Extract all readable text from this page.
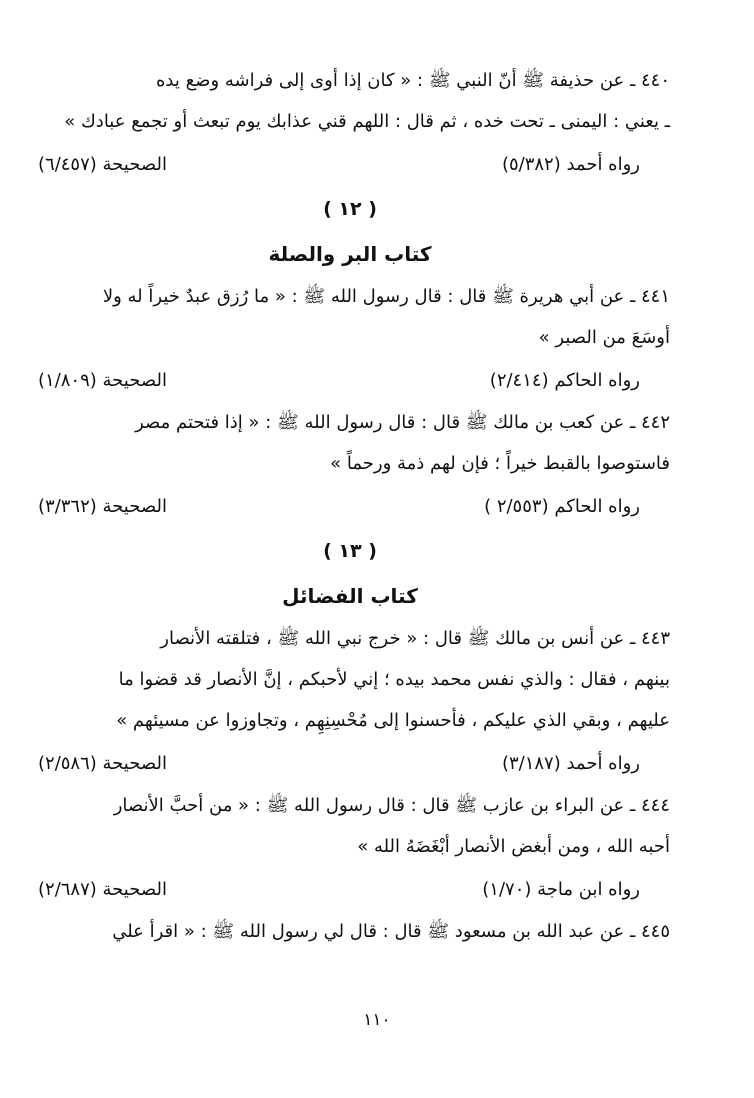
٤٤٠ ـ عن حذيفة ﷺ أنّ النبي ﷺ : « كان إذا أوى إلى فراشه وضع يده

ـ يعني : اليمنى ـ تحت خده ، ثم قال : اللهم قني عذابك يوم تبعث أو تجمع عبادك »

رواه أحمد (٥/٣٨٢)
الصحيحة (٦/٤٥٧)
( ١٢ )
كتاب البر والصلة

٤٤١ ـ عن أبي هريرة ﷺ قال : قال رسول الله ﷺ : « ما رُزق عبدٌ خيراً له ولا

أوسَعَ من الصبر »

رواه الحاكم (٢/٤١٤)
الصحيحة (١/٨٠٩)

٤٤٢ ـ عن كعب بن مالك ﷺ قال : قال رسول الله ﷺ : « إذا فتحتم مصر

فاستوصوا بالقبط خيراً ؛ فإن لهم ذمة ورحماً »

رواه الحاكم (٢/٥٥٣ )
الصحيحة (٣/٣٦٢)
( ١٣ )
كتاب الفضائل

٤٤٣ ـ عن أنس بن مالك ﷺ قال : « خرج نبي الله ﷺ ، فتلقته الأنصار

بينهم ، فقال : والذي نفس محمد بيده ؛ إني لأحبكم ، إنَّ الأنصار قد قضوا ما

عليهم ، وبقي الذي عليكم ، فأحسنوا إلى مُحْسِنِهِم ، وتجاوزوا عن مسيئهم »

رواه أحمد (٣/١٨٧)
الصحيحة (٢/٥٨٦)

٤٤٤ ـ عن البراء بن عازب ﷺ قال : قال رسول الله ﷺ : « من أحبَّ الأنصار

أحبه الله ، ومن أبغض الأنصار أبْغَضَهُ الله »

رواه ابن ماجة (١/٧٠)
الصحيحة (٢/٦٨٧)

٤٤٥ ـ عن عبد الله بن مسعود ﷺ قال : قال لي رسول الله ﷺ : « اقرأ علي

١١٠
